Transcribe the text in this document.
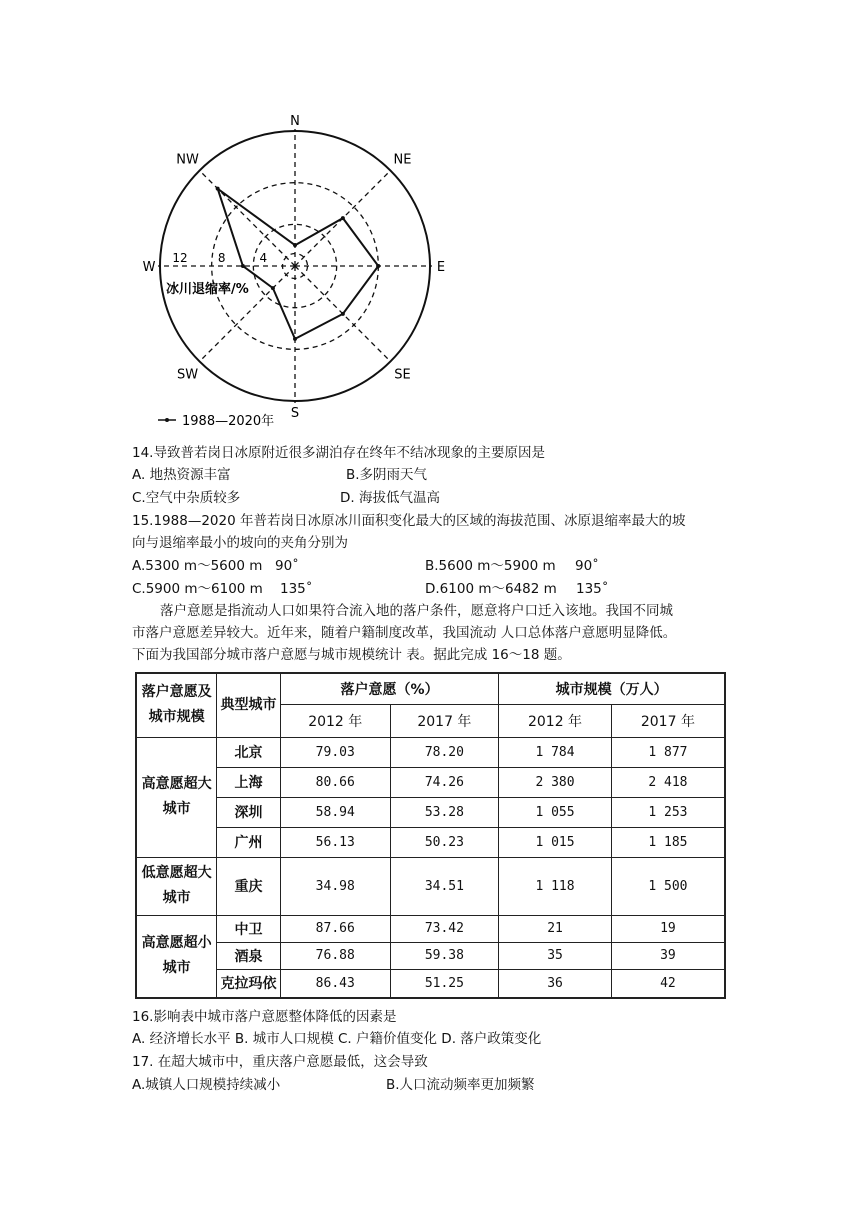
N
NE
E
SE
S
SW
W
NW
12	8	4
冰川退缩率/%
1988—2020年
14.导致普若岗日冰原附近很多湖泊存在终年不结冰现象的主要原因是
A. 地热资源丰富	B.多阴雨天气
C.空气中杂质较多	D. 海拔低气温高
15.1988—2020 年普若岗日冰原冰川面积变化最大的区域的海拔范围、冰原退缩率最大的坡
向与退缩率最小的坡向的夹角分别为
A.5300 m～5600 m 90˚	B.5600 m～5900 m 90˚
C.5900 m～6100 m 135˚	D.6100 m～6482 m 135˚
落户意愿是指流动人口如果符合流入地的落户条件，愿意将户口迁入该地。我国不同城
市落户意愿差异较大。近年来，随着户籍制度改革，我国流动 人口总体落户意愿明显降低。
下面为我国部分城市落户意愿与城市规模统计 表。据此完成 16～18 题。
落户意愿及城市规模	典型城市	落户意愿（%）		城市规模（万人）	
		2012 年	2017 年	2012 年	2017 年
高意愿超大城市	北京	79.03	78.20	1 784	1 877
	上海	80.66	74.26	2 380	2 418
	深圳	58.94	53.28	1 055	1 253
	广州	56.13	50.23	1 015	1 185
低意愿超大城市	重庆	34.98	34.51	1 118	1 500
高意愿超小城市	中卫	87.66	73.42	21	19
	酒泉	76.88	59.38	35	39
	克拉玛依	86.43	51.25	36	42
16.影响表中城市落户意愿整体降低的因素是
A. 经济增长水平 B. 城市人口规模 C. 户籍价值变化 D. 落户政策变化
17. 在超大城市中，重庆落户意愿最低，这会导致
A.城镇人口规模持续减小	B.人口流动频率更加频繁
